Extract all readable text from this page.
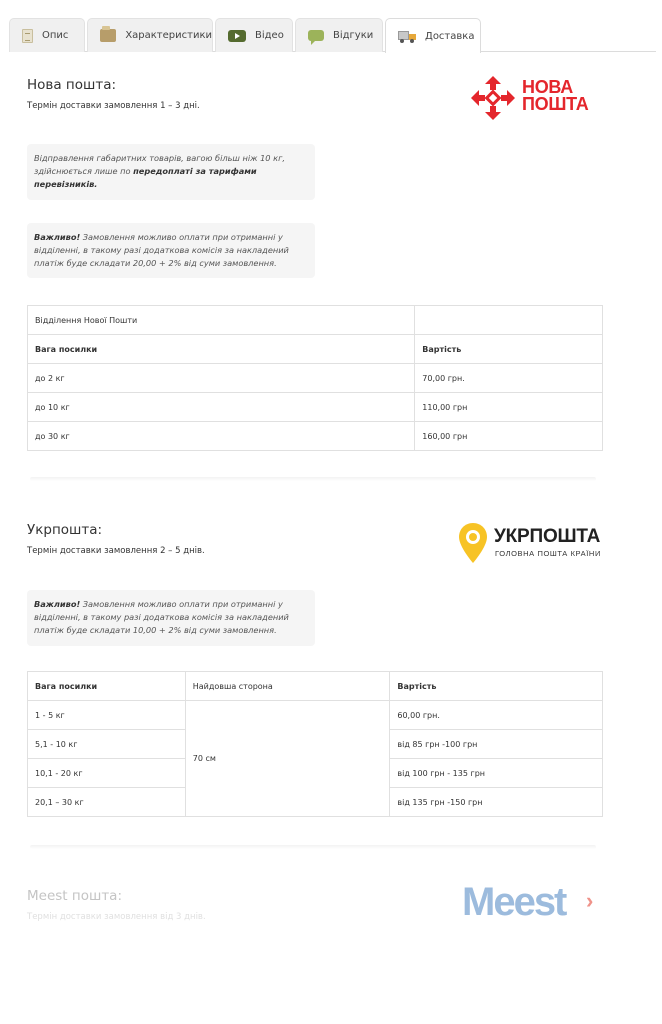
Опис	Характеристики	Відео	Відгуки	Доставка
Нова пошта:
Термін доставки замовлення 1 – 3 дні.
НОВА
ПОШТА
Відправлення габаритних товарів, вагою більш ніж 10 кг, здійснюється лише по передоплаті за тарифами перевізників.
Важливо! Замовлення можливо оплати при отриманні у відділенні, в такому разі додаткова комісія за накладений платіж буде складати 20,00 + 2% від суми замовлення.
Відділення Нової Пошти	
Вага посилки	Вартість
до 2 кг	70,00 грн.
до 10 кг	110,00 грн
до 30 кг	160,00 грн
Укрпошта:
Термін доставки замовлення 2 – 5 днів.
УКРПОШТА
ГОЛОВНА ПОШТА КРАЇНИ
Важливо! Замовлення можливо оплати при отриманні у відділенні, в такому разі додаткова комісія за накладений платіж буде складати 10,00 + 2% від суми замовлення.
Вага посилки	Найдовша сторона	Вартість
1 - 5 кг	70 см	60,00 грн.
5,1 - 10 кг		від 85 грн -100 грн
10,1 - 20 кг		від 100 грн - 135 грн
20,1 – 30 кг		від 135 грн -150 грн
Meest пошта:
Термін доставки замовлення від 3 днів.	Meest ›
